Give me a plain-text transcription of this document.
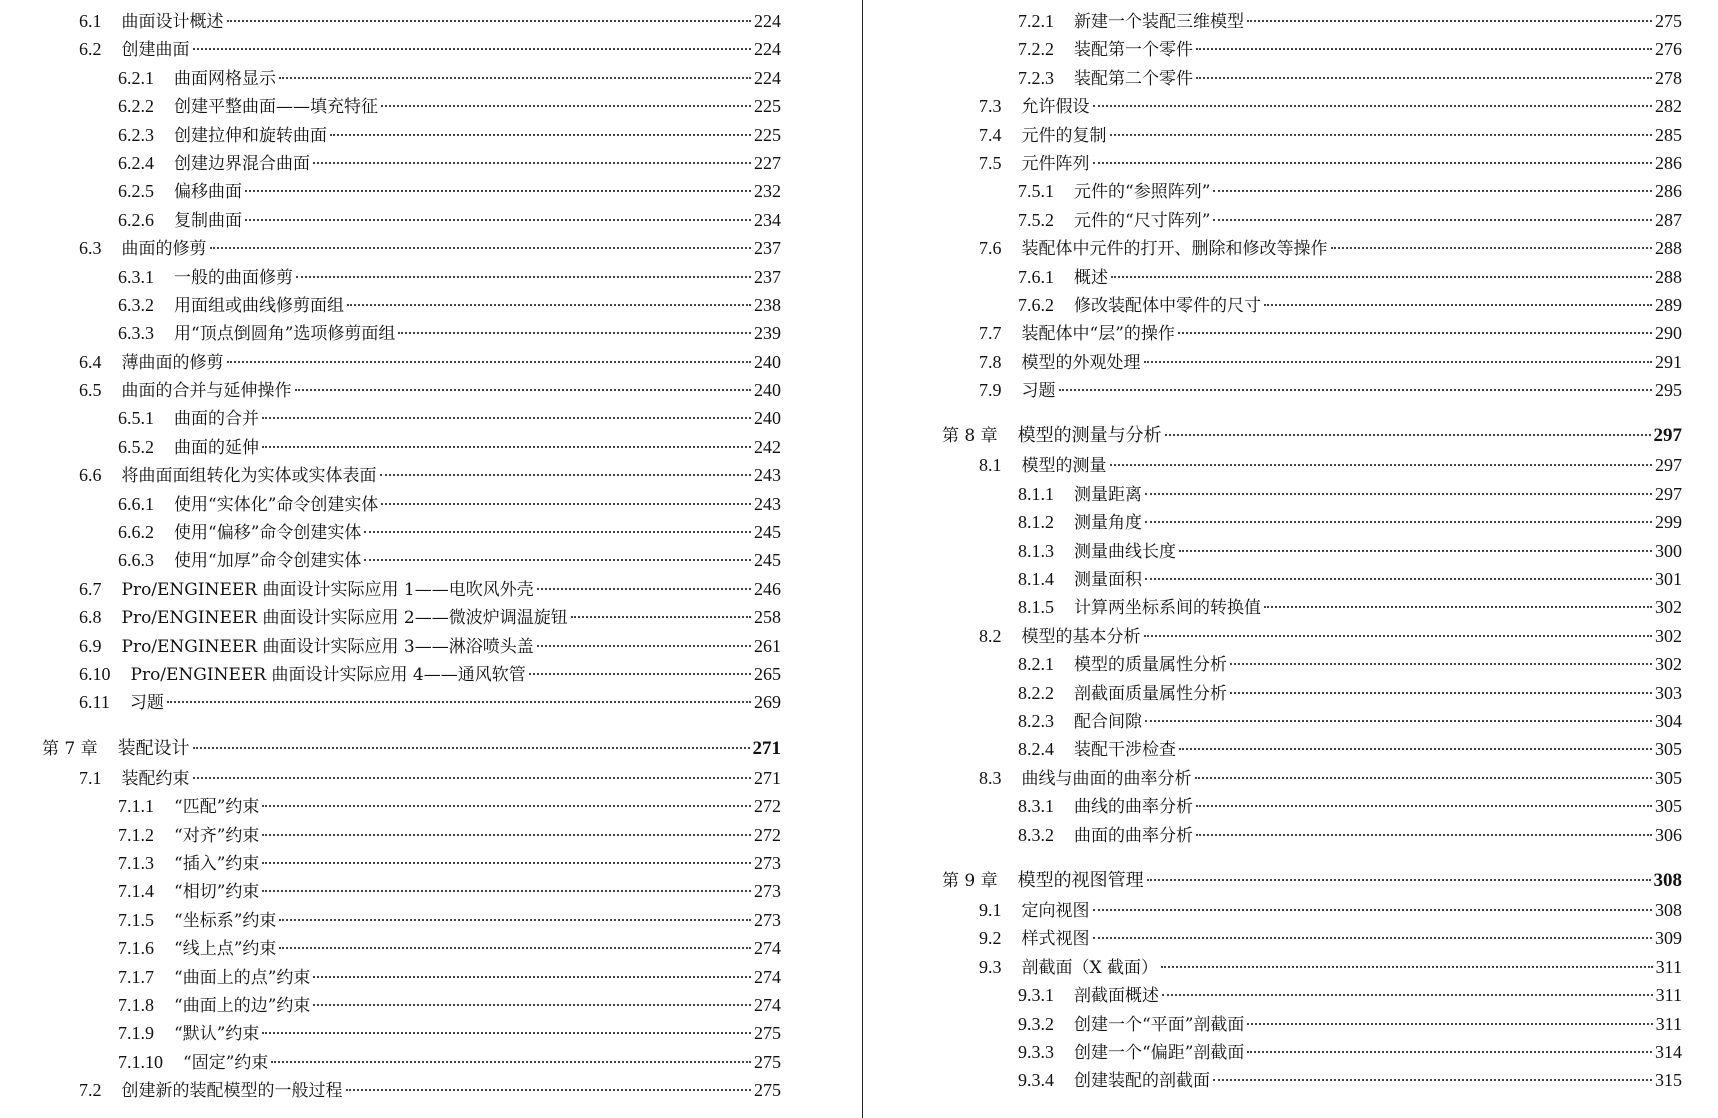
6.1 曲面设计概述	224
6.2 创建曲面	224
6.2.1 曲面网格显示	224
6.2.2 创建平整曲面——填充特征	225
6.2.3 创建拉伸和旋转曲面	225
6.2.4 创建边界混合曲面	227
6.2.5 偏移曲面	232
6.2.6 复制曲面	234
6.3 曲面的修剪	237
6.3.1 一般的曲面修剪	237
6.3.2 用面组或曲线修剪面组	238
6.3.3 用“顶点倒圆角”选项修剪面组	239
6.4 薄曲面的修剪	240
6.5 曲面的合并与延伸操作	240
6.5.1 曲面的合并	240
6.5.2 曲面的延伸	242
6.6 将曲面面组转化为实体或实体表面	243
6.6.1 使用“实体化”命令创建实体	243
6.6.2 使用“偏移”命令创建实体	245
6.6.3 使用“加厚”命令创建实体	245
6.7 Pro/ENGINEER 曲面设计实际应用 1——电吹风外壳	246
6.8 Pro/ENGINEER 曲面设计实际应用 2——微波炉调温旋钮	258
6.9 Pro/ENGINEER 曲面设计实际应用 3——淋浴喷头盖	261
6.10 Pro/ENGINEER 曲面设计实际应用 4——通风软管	265
6.11 习题	269
第 7 章 装配设计	271
7.1 装配约束	271
7.1.1 “匹配”约束	272
7.1.2 “对齐”约束	272
7.1.3 “插入”约束	273
7.1.4 “相切”约束	273
7.1.5 “坐标系”约束	273
7.1.6 “线上点”约束	274
7.1.7 “曲面上的点”约束	274
7.1.8 “曲面上的边”约束	274
7.1.9 “默认”约束	275
7.1.10 “固定”约束	275
7.2 创建新的装配模型的一般过程	275
7.2.1 新建一个装配三维模型	275
7.2.2 装配第一个零件	276
7.2.3 装配第二个零件	278
7.3 允许假设	282
7.4 元件的复制	285
7.5 元件阵列	286
7.5.1 元件的“参照阵列”	286
7.5.2 元件的“尺寸阵列”	287
7.6 装配体中元件的打开、删除和修改等操作	288
7.6.1 概述	288
7.6.2 修改装配体中零件的尺寸	289
7.7 装配体中“层”的操作	290
7.8 模型的外观处理	291
7.9 习题	295
第 8 章 模型的测量与分析	297
8.1 模型的测量	297
8.1.1 测量距离	297
8.1.2 测量角度	299
8.1.3 测量曲线长度	300
8.1.4 测量面积	301
8.1.5 计算两坐标系间的转换值	302
8.2 模型的基本分析	302
8.2.1 模型的质量属性分析	302
8.2.2 剖截面质量属性分析	303
8.2.3 配合间隙	304
8.2.4 装配干涉检查	305
8.3 曲线与曲面的曲率分析	305
8.3.1 曲线的曲率分析	305
8.3.2 曲面的曲率分析	306
第 9 章 模型的视图管理	308
9.1 定向视图	308
9.2 样式视图	309
9.3 剖截面（X 截面）	311
9.3.1 剖截面概述	311
9.3.2 创建一个“平面”剖截面	311
9.3.3 创建一个“偏距”剖截面	314
9.3.4 创建装配的剖截面	315
